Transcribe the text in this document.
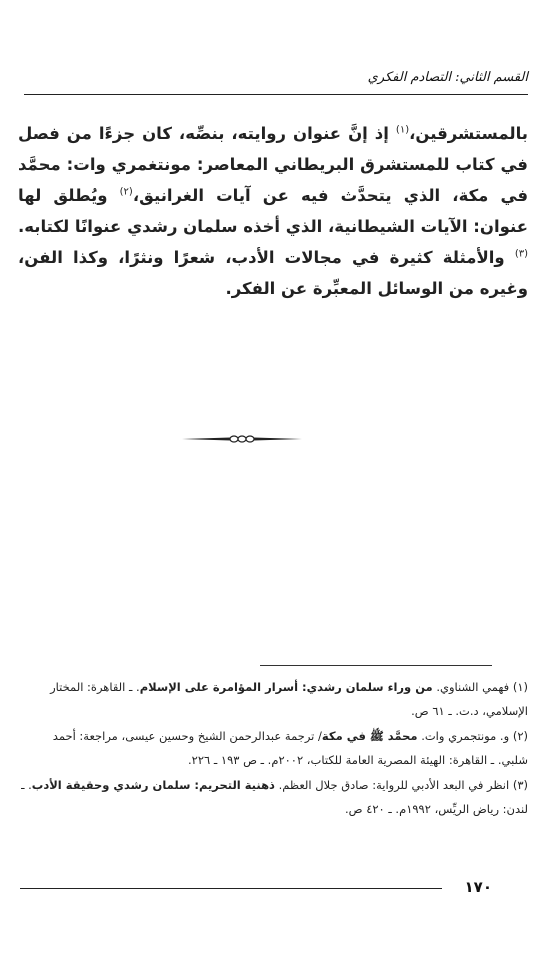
القسم الثاني: التصادم الفكري

بالمستشرقين،$^{(١)}$ إذ إنَّ عنوان روايته، بنصِّه، كان جزءًا من فصل في كتاب للمستشرق البريطاني المعاصر: مونتغمري وات: محمَّد في مكة، الذي يتحدَّث فيه عن آيات الغرانيق،$^{(٢)}$ ويُطلق لها عنوان: الآيات الشيطانية، الذي أخذه سلمان رشدي عنوانًا لكتابه.$^{(٣)}$ والأمثلة كثيرة في مجالات الأدب، شعرًا ونثرًا، وكذا الفن، وغيره من الوسائل المعبِّرة عن الفكر.

(١) فهمي الشناوي. من وراء سلمان رشدي: أسرار المؤامرة على الإسلام. ـ القاهرة: المختار الإسلامي، د.ت. ـ ٦١ ص.

(٢) و. مونتجمري وات. محمَّد ﷺ في مكة/ ترجمة عبدالرحمن الشيخ وحسين عيسى، مراجعة: أحمد شلبي. ـ القاهرة: الهيئة المصرية العامة للكتاب، ٢٠٠٢م. ـ ص ١٩٣ ـ ٢٢٦.

(٣) انظر في البعد الأدبي للرواية: صادق جلال العظم. ذهنية التحريم: سلمان رشدي وحقيقة الأدب. ـ لندن: رياض الريِّس، ١٩٩٢م. ـ ٤٢٠ ص.

١٧٠
